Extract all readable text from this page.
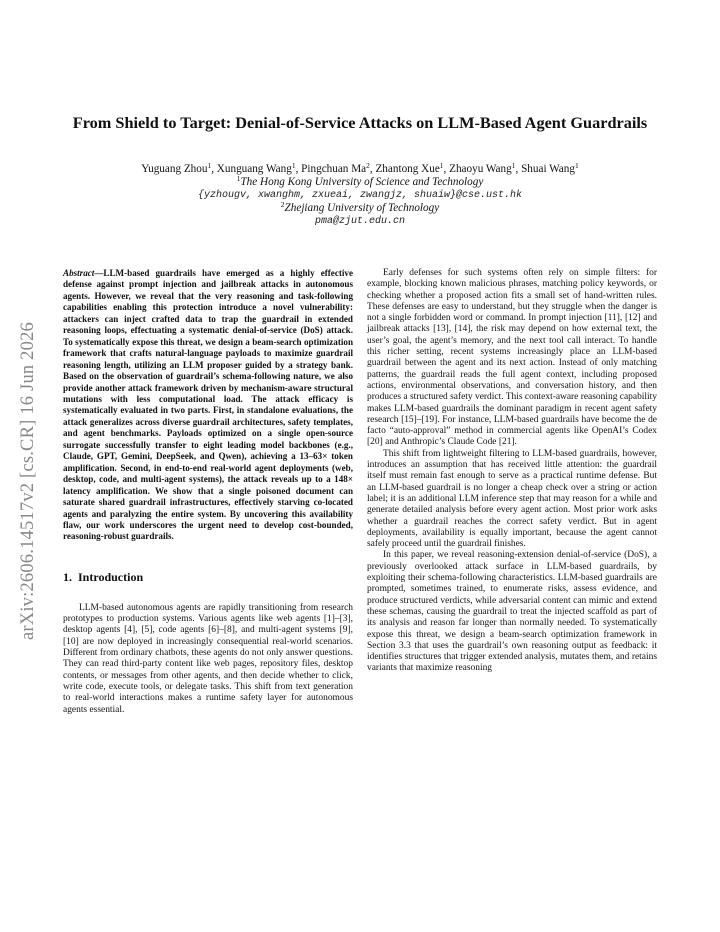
arXiv:2606.14517v2 [cs.CR] 16 Jun 2026
From Shield to Target: Denial-of-Service Attacks on LLM-Based Agent Guardrails
Yuguang Zhou$^1$, Xunguang Wang$^1$, Pingchuan Ma$^2$, Zhantong Xue$^1$, Zhaoyu Wang$^1$, Shuai Wang$^1$
$^1$The Hong Kong University of Science and Technology
{yzhougv, xwanghm, zxueai, zwangjz, shuaiw}@cse.ust.hk
$^2$Zhejiang University of Technology
pma@zjut.edu.cn

Abstract—LLM-based guardrails have emerged as a highly effective defense against prompt injection and jailbreak attacks in autonomous agents. However, we reveal that the very reasoning and task-following capabilities enabling this protection introduce a novel vulnerability: attackers can inject crafted data to trap the guardrail in extended reasoning loops, effectuating a systematic denial-of-service (DoS) attack. To systematically expose this threat, we design a beam-search optimization framework that crafts natural-language payloads to maximize guardrail reasoning length, utilizing an LLM proposer guided by a strategy bank. Based on the observation of guardrail’s schema-following nature, we also provide another attack framework driven by mechanism-aware structural mutations with less computational load. The attack efficacy is systematically evaluated in two parts. First, in standalone evaluations, the attack generalizes across diverse guardrail architectures, safety templates, and agent benchmarks. Payloads optimized on a single open-source surrogate successfully transfer to eight leading model backbones (e.g., Claude, GPT, Gemini, DeepSeek, and Qwen), achieving a 13–63× token amplification. Second, in end-to-end real-world agent deployments (web, desktop, code, and multi-agent systems), the attack reveals up to a 148× latency amplification. We show that a single poisoned document can saturate shared guardrail infrastructures, effectively starving co-located agents and paralyzing the entire system. By uncovering this availability flaw, our work underscores the urgent need to develop cost-bounded, reasoning-robust guardrails.

1. Introduction

LLM-based autonomous agents are rapidly transitioning from research prototypes to production systems. Various agents like web agents [1]–[3], desktop agents [4], [5], code agents [6]–[8], and multi-agent systems [9], [10] are now deployed in increasingly consequential real-world scenarios. Different from ordinary chatbots, these agents do not only answer questions. They can read third-party content like web pages, repository files, desktop contents, or messages from other agents, and then decide whether to click, write code, execute tools, or delegate tasks. This shift from text generation to real-world interactions makes a runtime safety layer for autonomous agents essential.

Early defenses for such systems often rely on simple filters: for example, blocking known malicious phrases, matching policy keywords, or checking whether a proposed action fits a small set of hand-written rules. These defenses are easy to understand, but they struggle when the danger is not a single forbidden word or command. In prompt injection [11], [12] and jailbreak attacks [13], [14], the risk may depend on how external text, the user’s goal, the agent’s memory, and the next tool call interact. To handle this richer setting, recent systems increasingly place an LLM-based guardrail between the agent and its next action. Instead of only matching patterns, the guardrail reads the full agent context, including proposed actions, environmental observations, and conversation history, and then produces a structured safety verdict. This context-aware reasoning capability makes LLM-based guardrails the dominant paradigm in recent agent safety research [15]–[19]. For instance, LLM-based guardrails have become the de facto “auto-approval” method in commercial agents like OpenAI’s Codex [20] and Anthropic’s Claude Code [21].

This shift from lightweight filtering to LLM-based guardrails, however, introduces an assumption that has received little attention: the guardrail itself must remain fast enough to serve as a practical runtime defense. But an LLM-based guardrail is no longer a cheap check over a string or action label; it is an additional LLM inference step that may reason for a while and generate detailed analysis before every agent action. Most prior work asks whether a guardrail reaches the correct safety verdict. But in agent deployments, availability is equally important, because the agent cannot safely proceed until the guardrail finishes.

In this paper, we reveal reasoning-extension denial-of-service (DoS), a previously overlooked attack surface in LLM-based guardrails, by exploiting their schema-following characteristics. LLM-based guardrails are prompted, sometimes trained, to enumerate risks, assess evidence, and produce structured verdicts, while adversarial content can mimic and extend these schemas, causing the guardrail to treat the injected scaffold as part of its analysis and reason far longer than normally needed. To systematically expose this threat, we design a beam-search optimization framework in Section 3.3 that uses the guardrail’s own reasoning output as feedback: it identifies structures that trigger extended analysis, mutates them, and retains variants that maximize reasoning
